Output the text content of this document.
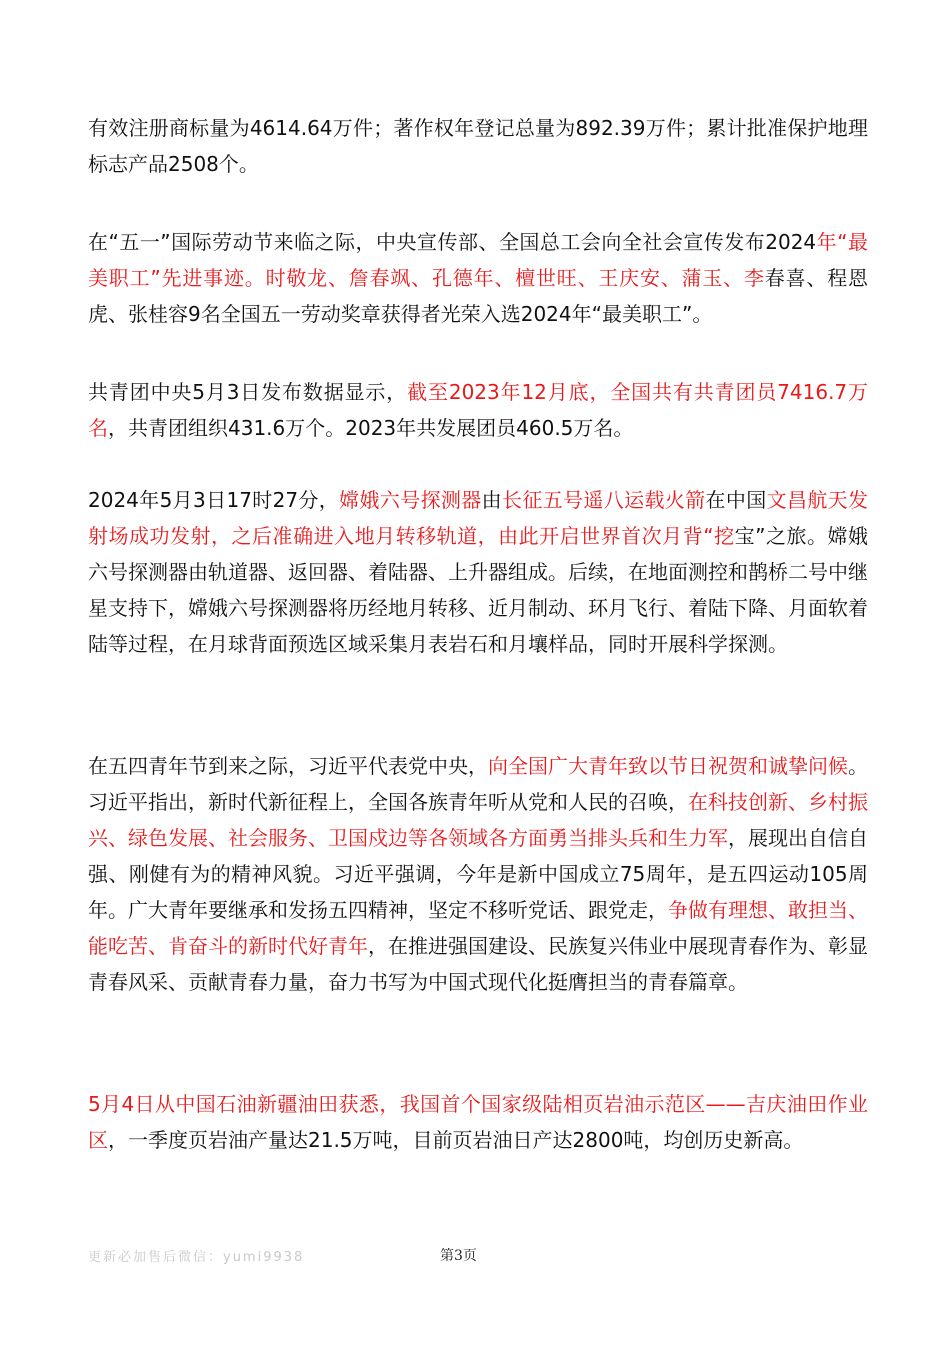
有效注册商标量为4614.64万件；著作权年登记总量为892.39万件；累计批准保护地理标志产品2508个。

在“五一”国际劳动节来临之际，中央宣传部、全国总工会向全社会宣传发布2024年“最美职工”先进事迹。时敬龙、詹春飒、孔德年、檀世旺、王庆安、蒲玉、李春喜、程恩虎、张桂容9名全国五一劳动奖章获得者光荣入选2024年“最美职工”。

共青团中央5月3日发布数据显示，截至2023年12月底，全国共有共青团员7416.7万名，共青团组织431.6万个。2023年共发展团员460.5万名。

2024年5月3日17时27分，嫦娥六号探测器由长征五号遥八运载火箭在中国文昌航天发射场成功发射，之后准确进入地月转移轨道，由此开启世界首次月背“挖宝”之旅。嫦娥六号探测器由轨道器、返回器、着陆器、上升器组成。后续，在地面测控和鹊桥二号中继星支持下，嫦娥六号探测器将历经地月转移、近月制动、环月飞行、着陆下降、月面软着陆等过程，在月球背面预选区域采集月表岩石和月壤样品，同时开展科学探测。

在五四青年节到来之际，习近平代表党中央，向全国广大青年致以节日祝贺和诚挚问候。习近平指出，新时代新征程上，全国各族青年听从党和人民的召唤，在科技创新、乡村振兴、绿色发展、社会服务、卫国戍边等各领域各方面勇当排头兵和生力军，展现出自信自强、刚健有为的精神风貌。习近平强调，今年是新中国成立75周年，是五四运动105周年。广大青年要继承和发扬五四精神，坚定不移听党话、跟党走，争做有理想、敢担当、能吃苦、肯奋斗的新时代好青年，在推进强国建设、民族复兴伟业中展现青春作为、彰显青春风采、贡献青春力量，奋力书写为中国式现代化挺膺担当的青春篇章。

5月4日从中国石油新疆油田获悉，我国首个国家级陆相页岩油示范区——吉庆油田作业区，一季度页岩油产量达21.5万吨，目前页岩油日产达2800吨，均创历史新高。

更新必加售后微信：yumi9938	第3页
